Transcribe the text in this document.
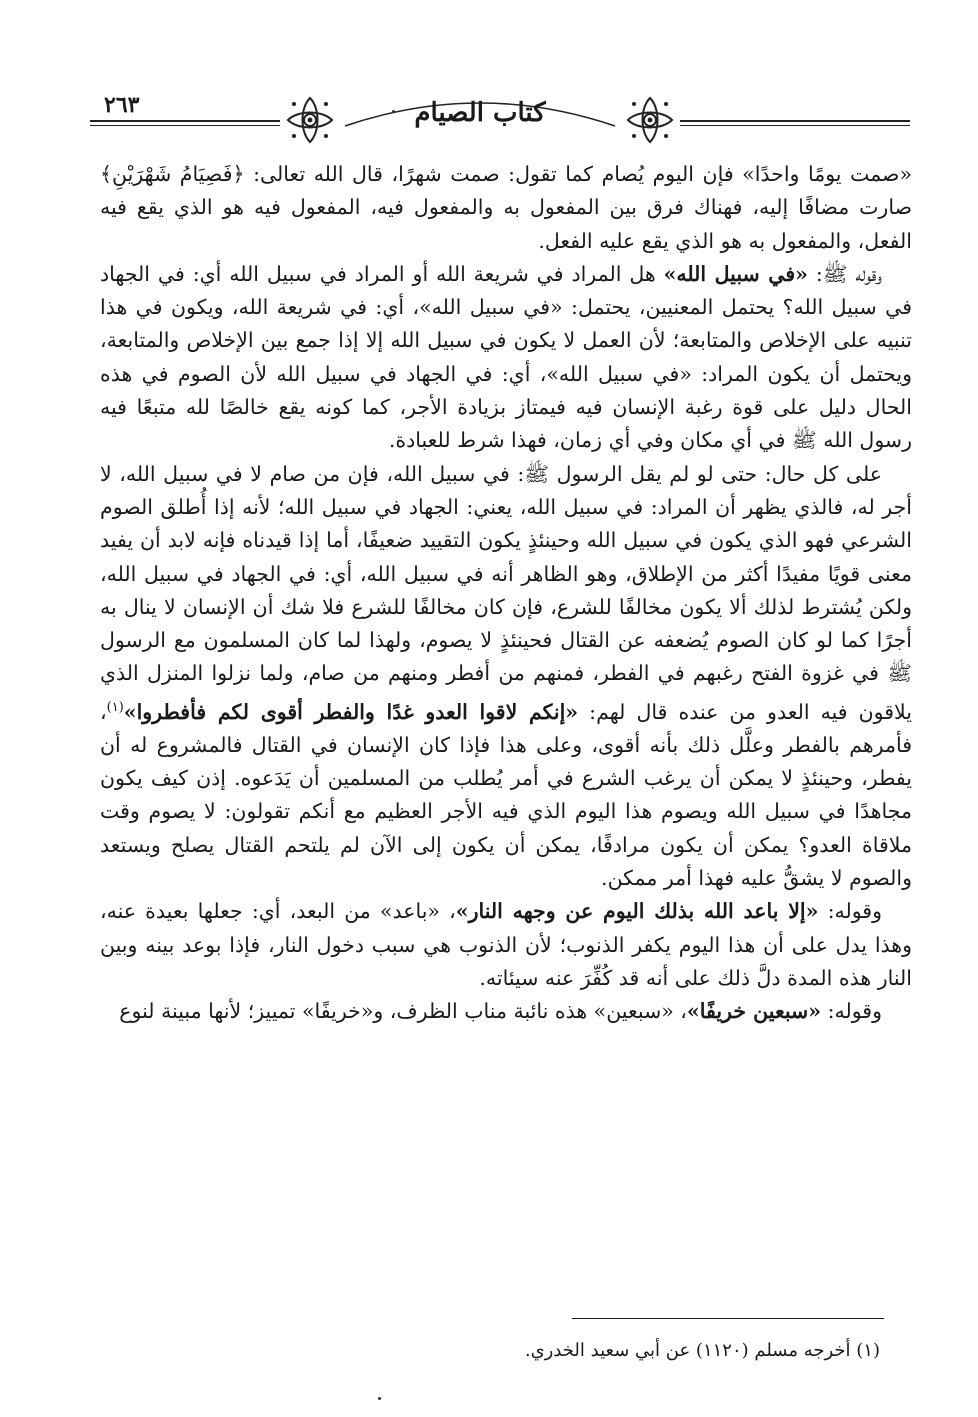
٢٦٣	كتاب الصيام

«صمت يومًا واحدًا» فإن اليوم يُصام كما تقول: صمت شهرًا، قال الله تعالى: ﴿فَصِيَامُ شَهْرَيْنِ﴾ صارت مضافًا إليه، فهناك فرق بين المفعول به والمفعول فيه، المفعول فيه هو الذي يقع فيه الفعل، والمفعول به هو الذي يقع عليه الفعل.

وقوله ﷺ: «في سبيل الله» هل المراد في شريعة الله أو المراد في سبيل الله أي: في الجهاد في سبيل الله؟ يحتمل المعنيين، يحتمل: «في سبيل الله»، أي: في شريعة الله، ويكون في هذا تنبيه على الإخلاص والمتابعة؛ لأن العمل لا يكون في سبيل الله إلا إذا جمع بين الإخلاص والمتابعة، ويحتمل أن يكون المراد: «في سبيل الله»، أي: في الجهاد في سبيل الله لأن الصوم في هذه الحال دليل على قوة رغبة الإنسان فيه فيمتاز بزيادة الأجر، كما كونه يقع خالصًا لله متبعًا فيه رسول الله ﷺ في أي مكان وفي أي زمان، فهذا شرط للعبادة.

على كل حال: حتى لو لم يقل الرسول ﷺ: في سبيل الله، فإن من صام لا في سبيل الله، لا أجر له، فالذي يظهر أن المراد: في سبيل الله، يعني: الجهاد في سبيل الله؛ لأنه إذا أُطلق الصوم الشرعي فهو الذي يكون في سبيل الله وحينئذٍ يكون التقييد ضعيفًا، أما إذا قيدناه فإنه لابد أن يفيد معنى قويًا مفيدًا أكثر من الإطلاق، وهو الظاهر أنه في سبيل الله، أي: في الجهاد في سبيل الله، ولكن يُشترط لذلك ألا يكون مخالفًا للشرع، فإن كان مخالفًا للشرع فلا شك أن الإنسان لا ينال به أجرًا كما لو كان الصوم يُضعفه عن القتال فحينئذٍ لا يصوم، ولهذا لما كان المسلمون مع الرسول ﷺ في غزوة الفتح رغبهم في الفطر، فمنهم من أفطر ومنهم من صام، ولما نزلوا المنزل الذي يلاقون فيه العدو من عنده قال لهم: «إنكم لاقوا العدو غدًا والفطر أقوى لكم فأفطروا»$^{(١)}$، فأمرهم بالفطر وعلَّل ذلك بأنه أقوى، وعلى هذا فإذا كان الإنسان في القتال فالمشروع له أن يفطر، وحينئذٍ لا يمكن أن يرغب الشرع في أمر يُطلب من المسلمين أن يَدَعوه. إذن كيف يكون مجاهدًا في سبيل الله ويصوم هذا اليوم الذي فيه الأجر العظيم مع أنكم تقولون: لا يصوم وقت ملاقاة العدو؟ يمكن أن يكون مرادفًا، يمكن أن يكون إلى الآن لم يلتحم القتال يصلح ويستعد والصوم لا يشقُّ عليه فهذا أمر ممكن.

وقوله: «إلا باعد الله بذلك اليوم عن وجهه النار»، «باعد» من البعد، أي: جعلها بعيدة عنه، وهذا يدل على أن هذا اليوم يكفر الذنوب؛ لأن الذنوب هي سبب دخول النار، فإذا بوعد بينه وبين النار هذه المدة دلَّ ذلك على أنه قد كُفِّرَ عنه سيئاته.

وقوله: «سبعين خريفًا»، «سبعين» هذه نائبة مناب الظرف، و«خريفًا» تمييز؛ لأنها مبينة لنوع

(١) أخرجه مسلم (١١٢٠) عن أبي سعيد الخدري.
